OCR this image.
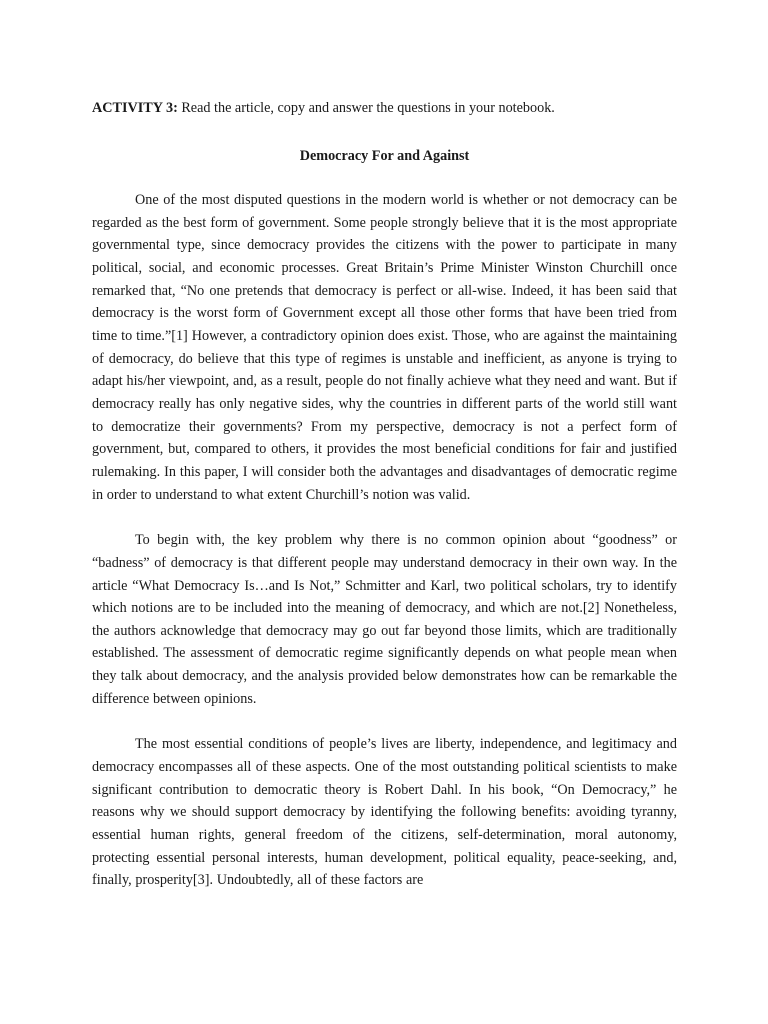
ACTIVITY 3: Read the article, copy and answer the questions in your notebook.

Democracy For and Against

One of the most disputed questions in the modern world is whether or not democracy can be regarded as the best form of government. Some people strongly believe that it is the most appropriate governmental type, since democracy provides the citizens with the power to participate in many political, social, and economic processes. Great Britain’s Prime Minister Winston Churchill once remarked that, “No one pretends that democracy is perfect or all-wise. Indeed, it has been said that democracy is the worst form of Government except all those other forms that have been tried from time to time.”[1] However, a contradictory opinion does exist. Those, who are against the maintaining of democracy, do believe that this type of regimes is unstable and inefficient, as anyone is trying to adapt his/her viewpoint, and, as a result, people do not finally achieve what they need and want. But if democracy really has only negative sides, why the countries in different parts of the world still want to democratize their governments? From my perspective, democracy is not a perfect form of government, but, compared to others, it provides the most beneficial conditions for fair and justified rulemaking. In this paper, I will consider both the advantages and disadvantages of democratic regime in order to understand to what extent Churchill’s notion was valid.

To begin with, the key problem why there is no common opinion about “goodness” or “badness” of democracy is that different people may understand democracy in their own way. In the article “What Democracy Is…and Is Not,” Schmitter and Karl, two political scholars, try to identify which notions are to be included into the meaning of democracy, and which are not.[2] Nonetheless, the authors acknowledge that democracy may go out far beyond those limits, which are traditionally established. The assessment of democratic regime significantly depends on what people mean when they talk about democracy, and the analysis provided below demonstrates how can be remarkable the difference between opinions.

The most essential conditions of people’s lives are liberty, independence, and legitimacy and democracy encompasses all of these aspects. One of the most outstanding political scientists to make significant contribution to democratic theory is Robert Dahl. In his book, “On Democracy,” he reasons why we should support democracy by identifying the following benefits: avoiding tyranny, essential human rights, general freedom of the citizens, self-determination, moral autonomy, protecting essential personal interests, human development, political equality, peace-seeking, and, finally, prosperity[3]. Undoubtedly, all of these factors are
